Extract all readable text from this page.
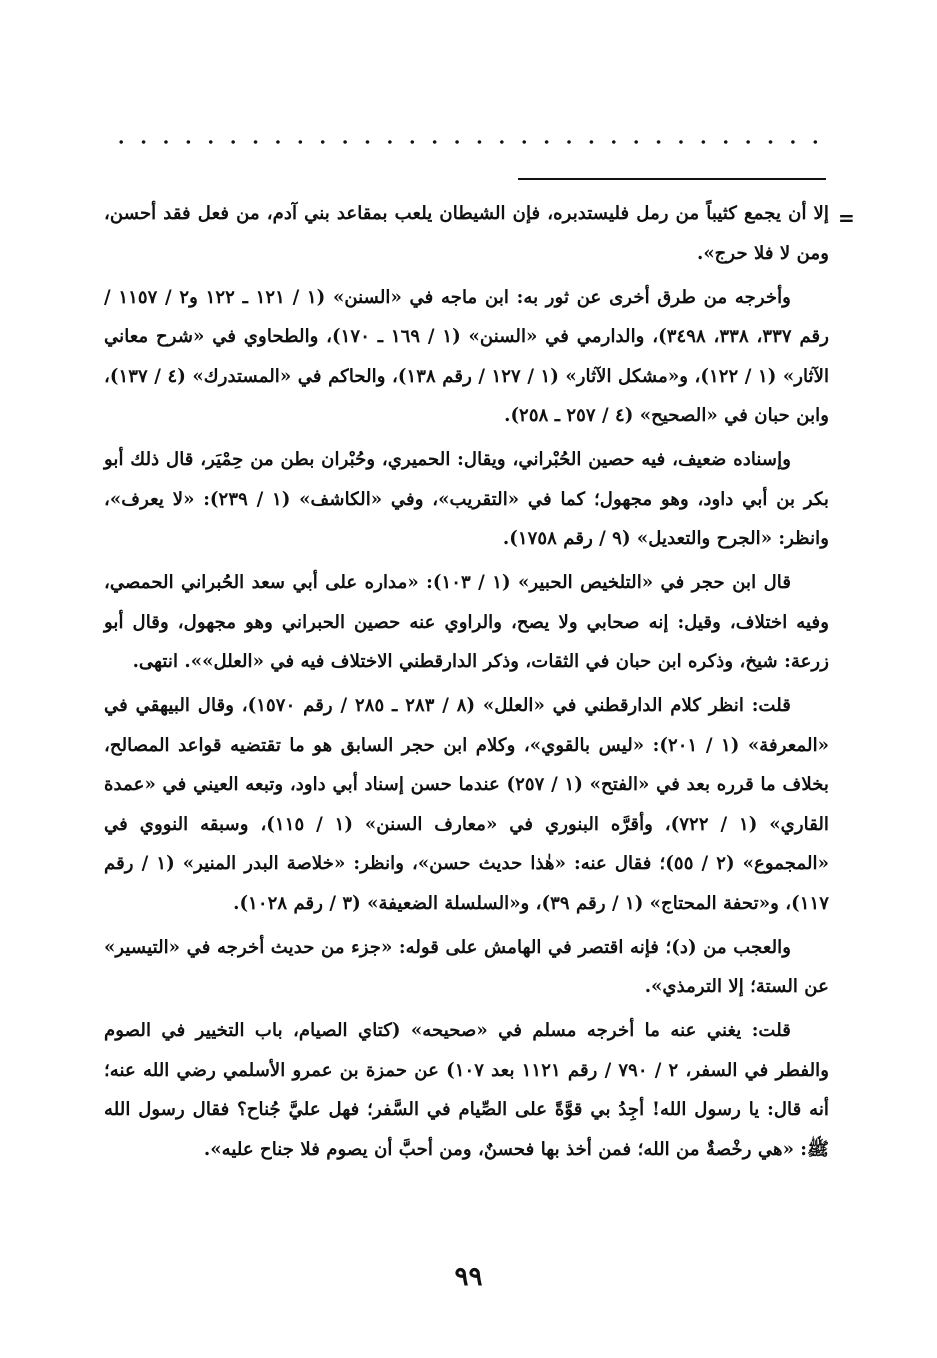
=

إلا أن يجمع كثيباً من رمل فليستدبره، فإن الشيطان يلعب بمقاعد بني آدم، من فعل فقد أحسن، ومن لا فلا حرج».

وأخرجه من طرق أخرى عن ثور به: ابن ماجه في «السنن» (١ / ١٢١ ـ ١٢٢ و٢ / ١١٥٧ / رقم ٣٣٧، ٣٣٨، ٣٤٩٨)، والدارمي في «السنن» (١ / ١٦٩ ـ ١٧٠)، والطحاوي في «شرح معاني الآثار» (١ / ١٢٢)، و«مشكل الآثار» (١ / ١٢٧ / رقم ١٣٨)، والحاكم في «المستدرك» (٤ / ١٣٧)، وابن حبان في «الصحيح» (٤ / ٢٥٧ ـ ٢٥٨).

وإسناده ضعيف، فيه حصين الحُبْراني، ويقال: الحميري، وحُبْران بطن من حِمْيَر، قال ذلك أبو بكر بن أبي داود، وهو مجهول؛ كما في «التقريب»، وفي «الكاشف» (١ / ٢٣٩): «لا يعرف»، وانظر: «الجرح والتعديل» (٩ / رقم ١٧٥٨).

قال ابن حجر في «التلخيص الحبير» (١ / ١٠٣): «مداره على أبي سعد الحُبراني الحمصي، وفيه اختلاف، وقيل: إنه صحابي ولا يصح، والراوي عنه حصين الحبراني وهو مجهول، وقال أبو زرعة: شيخ، وذكره ابن حبان في الثقات، وذكر الدارقطني الاختلاف فيه في «العلل»». انتهى.

قلت: انظر كلام الدارقطني في «العلل» (٨ / ٢٨٣ ـ ٢٨٥ / رقم ١٥٧٠)، وقال البيهقي في «المعرفة» (١ / ٢٠١): «ليس بالقوي»، وكلام ابن حجر السابق هو ما تقتضيه قواعد المصالح، بخلاف ما قرره بعد في «الفتح» (١ / ٢٥٧) عندما حسن إسناد أبي داود، وتبعه العيني في «عمدة القاري» (١ / ٧٢٢)، وأقرَّه البنوري في «معارف السنن» (١ / ١١٥)، وسبقه النووي في «المجموع» (٢ / ٥٥)؛ فقال عنه: «هٰذا حديث حسن»، وانظر: «خلاصة البدر المنير» (١ / رقم ١١٧)، و«تحفة المحتاج» (١ / رقم ٣٩)، و«السلسلة الضعيفة» (٣ / رقم ١٠٢٨).

والعجب من (د)؛ فإنه اقتصر في الهامش على قوله: «جزء من حديث أخرجه في «التيسير» عن الستة؛ إلا الترمذي».

قلت: يغني عنه ما أخرجه مسلم في «صحيحه» (كتاي الصيام، باب التخيير في الصوم والفطر في السفر، ٢ / ٧٩٠ / رقم ١١٢١ بعد ١٠٧) عن حمزة بن عمرو الأسلمي رضي الله عنه؛ أنه قال: يا رسول الله! أجِدُ بي قوَّةً على الصِّيام في السَّفر؛ فهل عليَّ جُناح؟ فقال رسول الله ﷺ: «هي رخْصةٌ من الله؛ فمن أخذ بها فحسنٌ، ومن أحبَّ أن يصوم فلا جناح عليه».

٩٩
